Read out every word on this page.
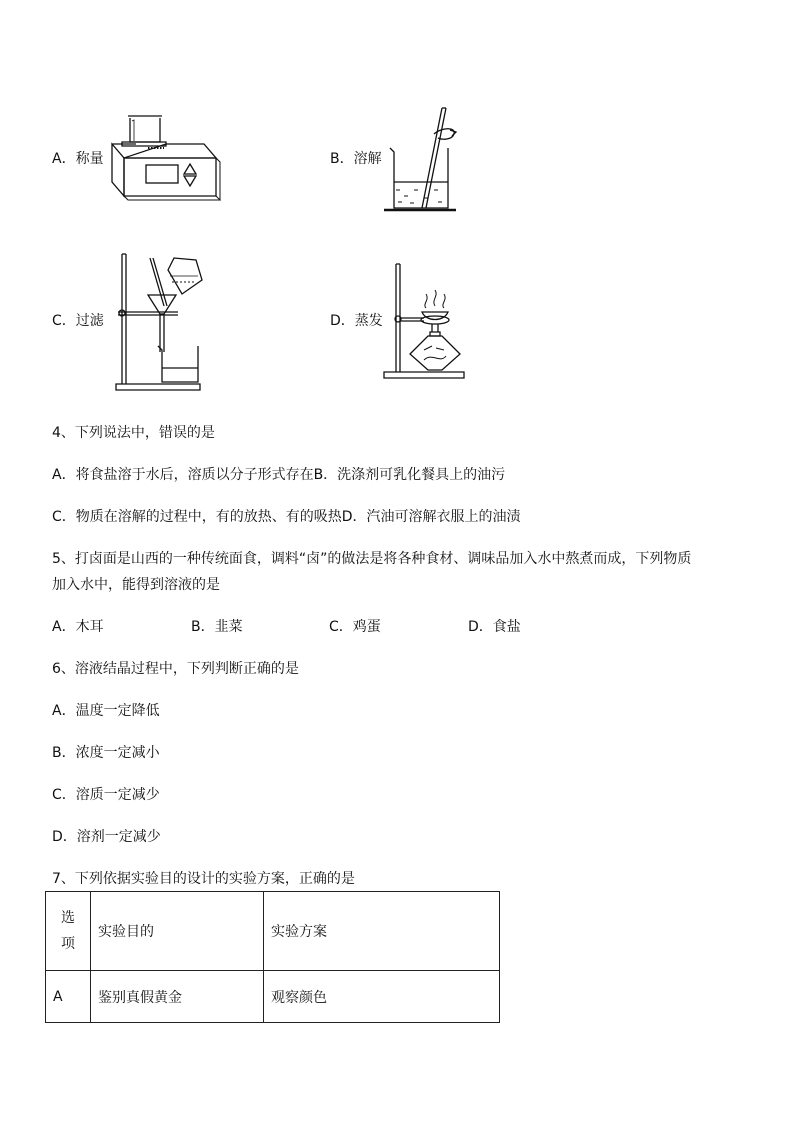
A．称量	B．溶解
C．过滤	D．蒸发
4、下列说法中，错误的是
A．将食盐溶于水后，溶质以分子形式存在B．洗涤剂可乳化餐具上的油污
C．物质在溶解的过程中，有的放热、有的吸热D．汽油可溶解衣服上的油渍
5、打卤面是山西的一种传统面食，调料“卤”的做法是将各种食材、调味品加入水中熬煮而成，下列物质
加入水中，能得到溶液的是
A．木耳	B．韭菜	C．鸡蛋	D．食盐
6、溶液结晶过程中，下列判断正确的是
A．温度一定降低
B．浓度一定减小
C．溶质一定减少
D．溶剂一定减少
7、下列依据实验目的设计的实验方案，正确的是
选项	实验目的	实验方案
A	鉴别真假黄金	观察颜色
